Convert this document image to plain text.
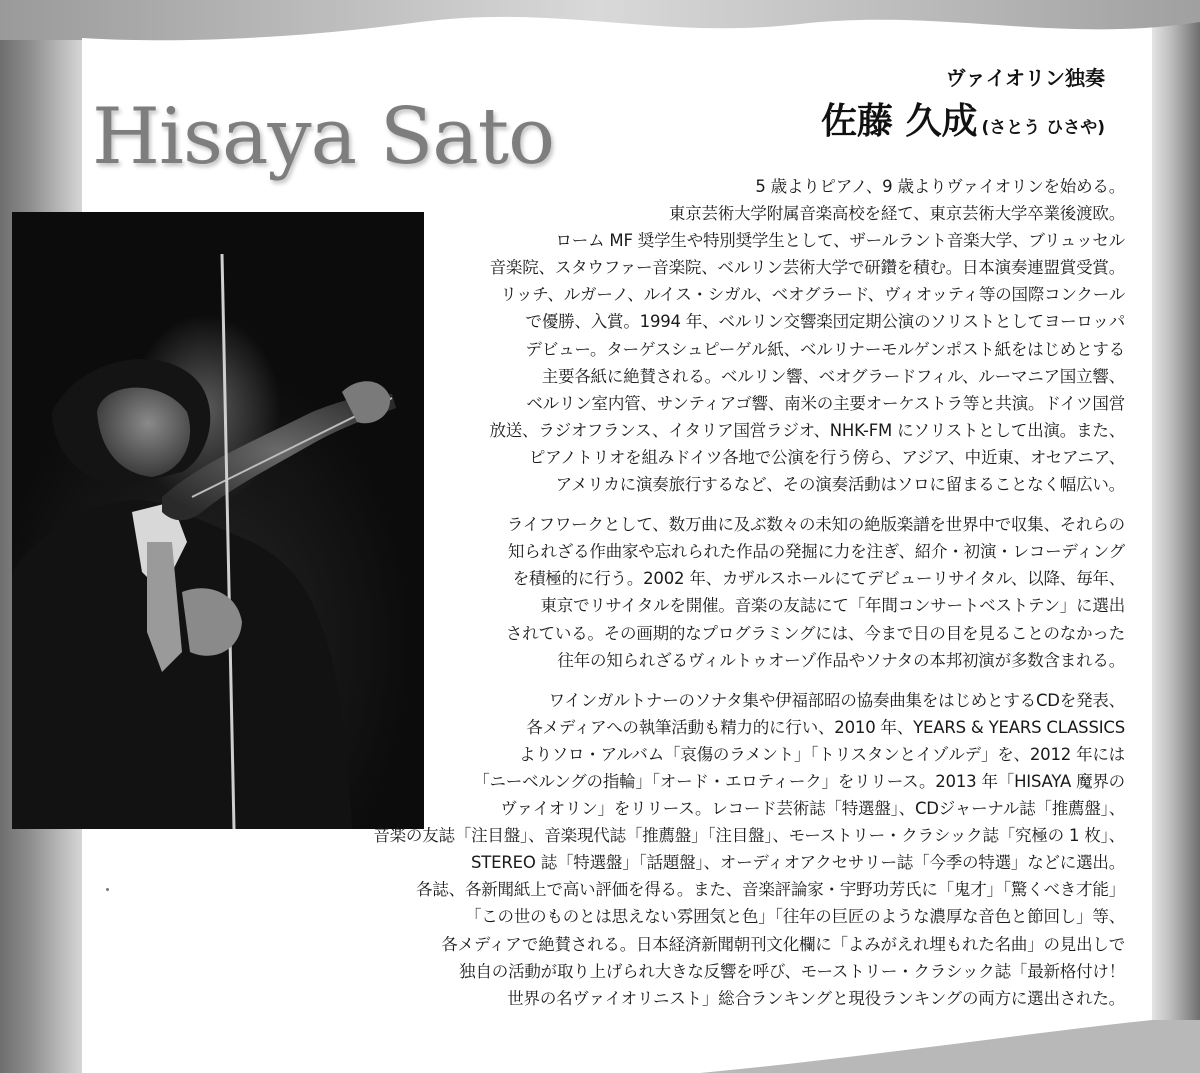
Hisaya Sato
ヴァイオリン独奏
佐藤 久成 (さとう ひさや)

5 歳よりピアノ、9 歳よりヴァイオリンを始める。
東京芸術大学附属音楽高校を経て、東京芸術大学卒業後渡欧。
ローム MF 奨学生や特別奨学生として、ザールラント音楽大学、ブリュッセル
音楽院、スタウファー音楽院、ベルリン芸術大学で研鑽を積む。日本演奏連盟賞受賞。
リッチ、ルガーノ、ルイス・シガル、ベオグラード、ヴィオッティ等の国際コンクール
で優勝、入賞。1994 年、ベルリン交響楽団定期公演のソリストとしてヨーロッパ
デビュー。ターゲスシュピーゲル紙、ベルリナーモルゲンポスト紙をはじめとする
主要各紙に絶賛される。ベルリン響、ベオグラードフィル、ルーマニア国立響、
ベルリン室内管、サンティアゴ響、南米の主要オーケストラ等と共演。ドイツ国営
放送、ラジオフランス、イタリア国営ラジオ、NHK-FM にソリストとして出演。また、
ピアノトリオを組みドイツ各地で公演を行う傍ら、アジア、中近東、オセアニア、
アメリカに演奏旅行するなど、その演奏活動はソロに留まることなく幅広い。

ライフワークとして、数万曲に及ぶ数々の未知の絶版楽譜を世界中で収集、それらの
知られざる作曲家や忘れられた作品の発掘に力を注ぎ、紹介・初演・レコーディング
を積極的に行う。2002 年、カザルスホールにてデビューリサイタル、以降、毎年、
東京でリサイタルを開催。音楽の友誌にて「年間コンサートベストテン」に選出
されている。その画期的なプログラミングには、今まで日の目を見ることのなかった
往年の知られざるヴィルトゥオーゾ作品やソナタの本邦初演が多数含まれる。

ワインガルトナーのソナタ集や伊福部昭の協奏曲集をはじめとするCDを発表、
各メディアへの執筆活動も精力的に行い、2010 年、YEARS & YEARS CLASSICS
よりソロ・アルバム「哀傷のラメント」「トリスタンとイゾルデ」を、2012 年には
「ニーベルングの指輪」「オード・エロティーク」をリリース。2013 年「HISAYA 魔界の
ヴァイオリン」をリリース。レコード芸術誌「特選盤」、CDジャーナル誌「推薦盤」、
音楽の友誌「注目盤」、音楽現代誌「推薦盤」「注目盤」、モーストリー・クラシック誌「究極の 1 枚」、
STEREO 誌「特選盤」「話題盤」、オーディオアクセサリー誌「今季の特選」などに選出。
各誌、各新聞紙上で高い評価を得る。また、音楽評論家・宇野功芳氏に「鬼才」「驚くべき才能」
「この世のものとは思えない雰囲気と色」「往年の巨匠のような濃厚な音色と節回し」等、
各メディアで絶賛される。日本経済新聞朝刊文化欄に「よみがえれ埋もれた名曲」の見出しで
独自の活動が取り上げられ大きな反響を呼び、モーストリー・クラシック誌「最新格付け！
世界の名ヴァイオリニスト」総合ランキングと現役ランキングの両方に選出された。
